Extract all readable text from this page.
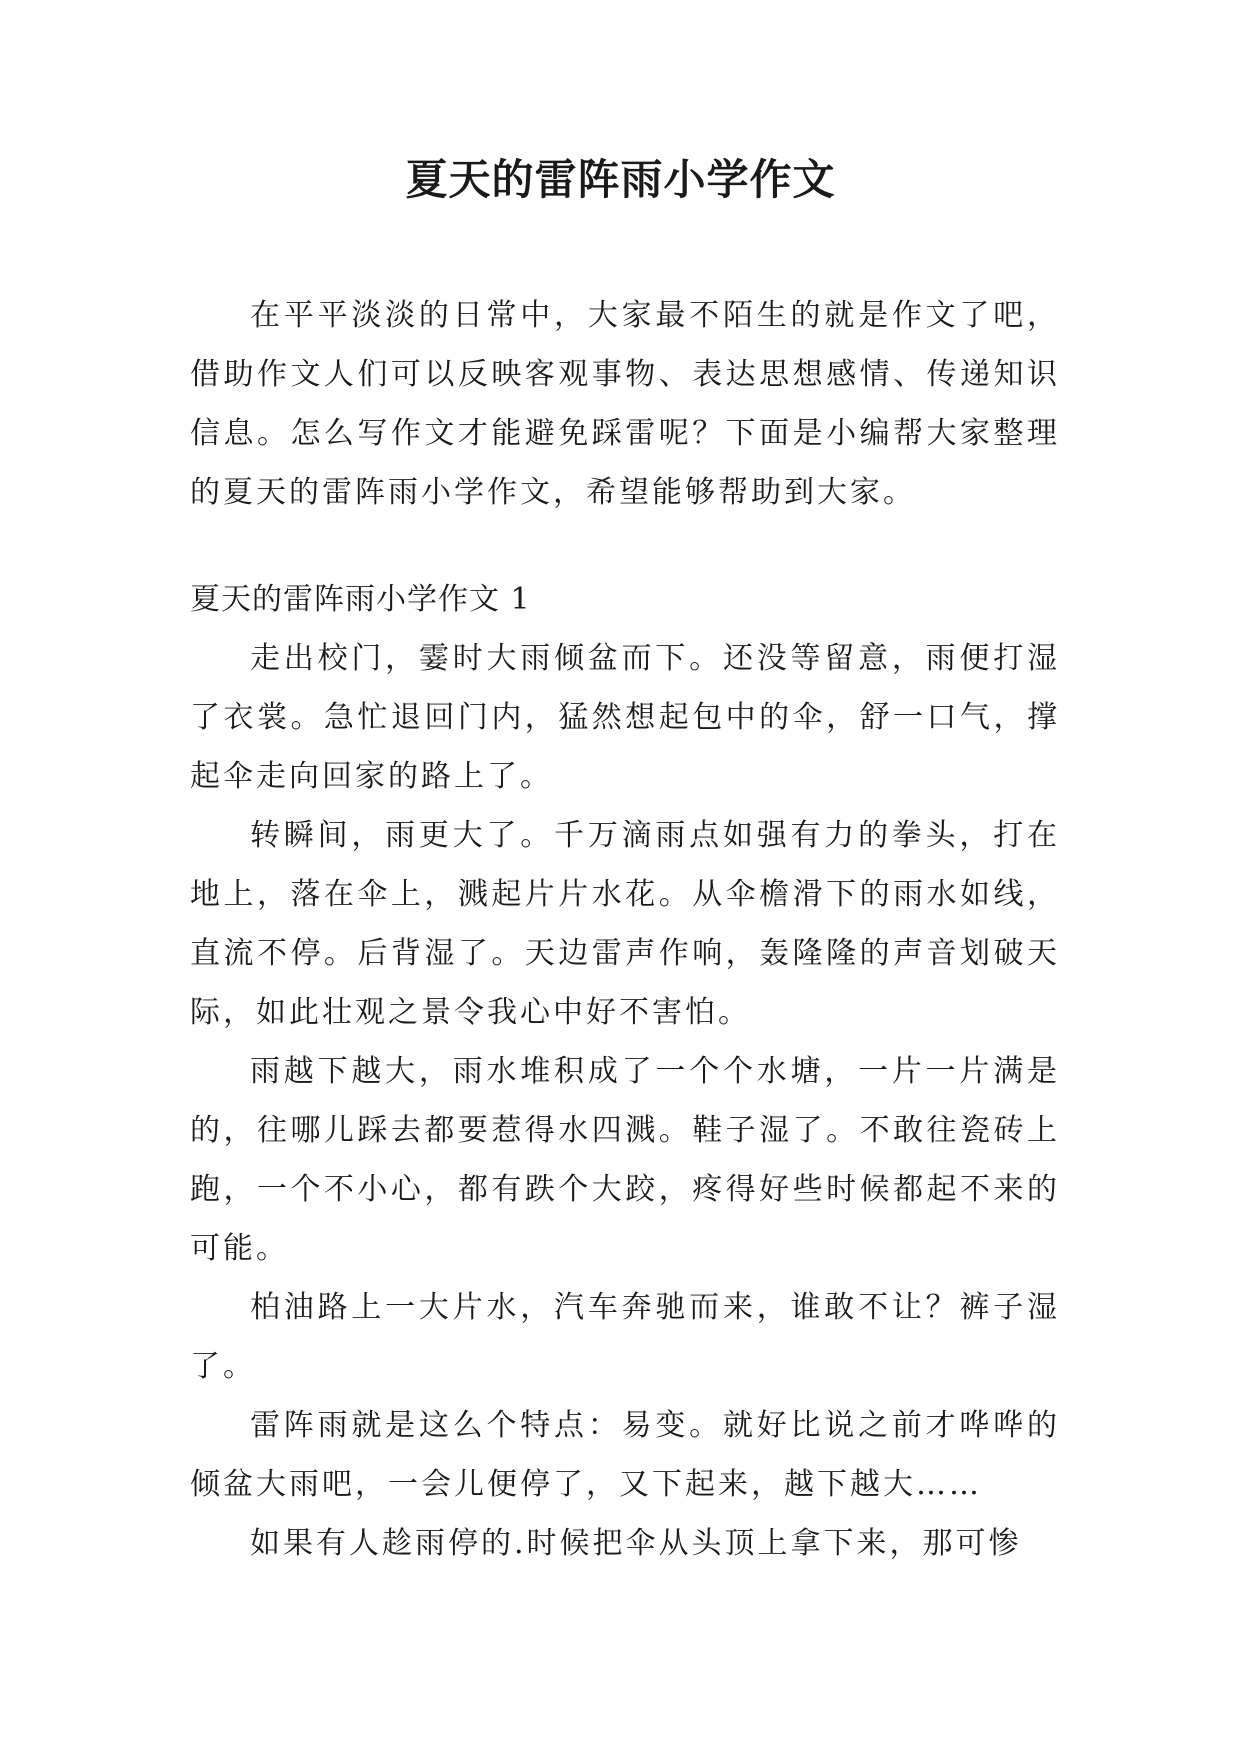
夏天的雷阵雨小学作文

在平平淡淡的日常中，大家最不陌生的就是作文了吧，借助作文人们可以反映客观事物、表达思想感情、传递知识信息。怎么写作文才能避免踩雷呢？下面是小编帮大家整理的夏天的雷阵雨小学作文，希望能够帮助到大家。

夏天的雷阵雨小学作文 1

走出校门，霎时大雨倾盆而下。还没等留意，雨便打湿了衣裳。急忙退回门内，猛然想起包中的伞，舒一口气，撑起伞走向回家的路上了。

转瞬间，雨更大了。千万滴雨点如强有力的拳头，打在地上，落在伞上，溅起片片水花。从伞檐滑下的雨水如线，直流不停。后背湿了。天边雷声作响，轰隆隆的声音划破天际，如此壮观之景令我心中好不害怕。

雨越下越大，雨水堆积成了一个个水塘，一片一片满是的，往哪儿踩去都要惹得水四溅。鞋子湿了。不敢往瓷砖上跑，一个不小心，都有跌个大跤，疼得好些时候都起不来的可能。

柏油路上一大片水，汽车奔驰而来，谁敢不让？裤子湿了。

雷阵雨就是这么个特点：易变。就好比说之前才哗哗的倾盆大雨吧，一会儿便停了，又下起来，越下越大……

如果有人趁雨停的.时候把伞从头顶上拿下来，那可惨
